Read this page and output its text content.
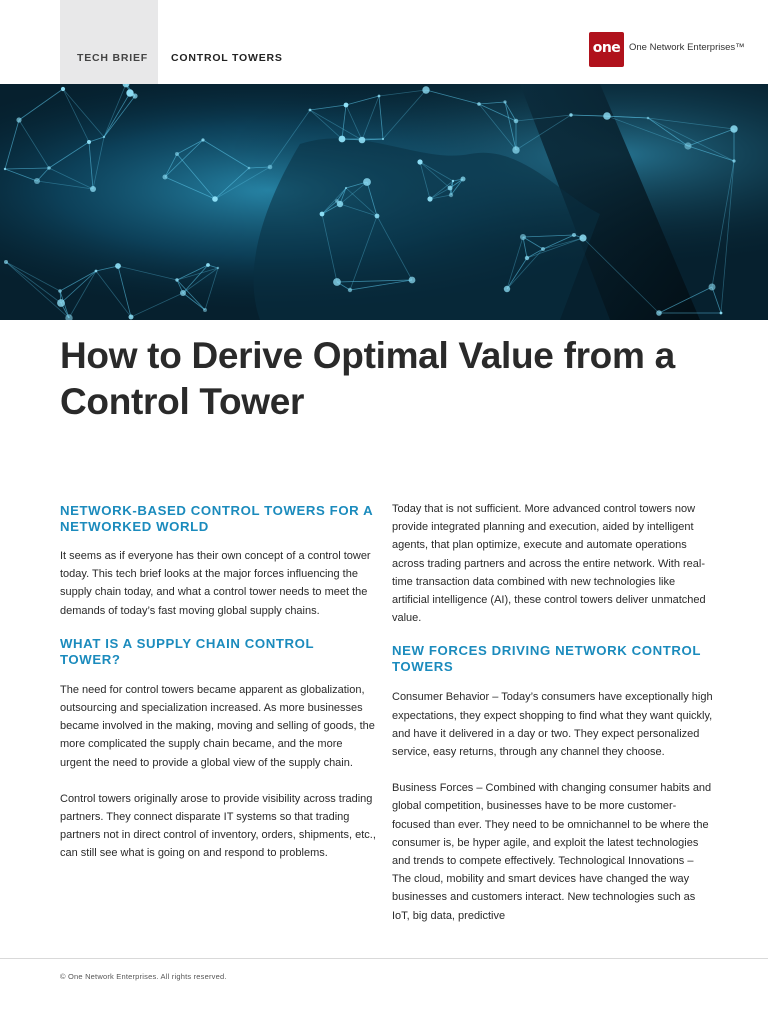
TECH BRIEF CONTROL TOWERS
one One Network Enterprises™
How to Derive Optimal Value from a Control Tower
NETWORK-BASED CONTROL TOWERS FOR A NETWORKED WORLD

It seems as if everyone has their own concept of a control tower today. This tech brief looks at the major forces influencing the supply chain today, and what a control tower needs to meet the demands of today’s fast moving global supply chains.

WHAT IS A SUPPLY CHAIN CONTROL TOWER?

The need for control towers became apparent as globalization, outsourcing and specialization increased. As more businesses became involved in the making, moving and selling of goods, the more complicated the supply chain became, and the more urgent the need to provide a global view of the supply chain.

Control towers originally arose to provide visibility across trading partners. They connect disparate IT systems so that trading partners not in direct control of inventory, orders, shipments, etc., can still see what is going on and respond to problems.

Today that is not sufficient. More advanced control towers now provide integrated planning and execution, aided by intelligent agents, that plan optimize, execute and automate operations across trading partners and across the entire network. With real-time transaction data combined with new technologies like artificial intelligence (AI), these control towers deliver unmatched value.

NEW FORCES DRIVING NETWORK CONTROL TOWERS

Consumer Behavior – Today’s consumers have exceptionally high expectations, they expect shopping to find what they want quickly, and have it delivered in a day or two. They expect personalized service, easy returns, through any channel they choose.

Business Forces – Combined with changing consumer habits and global competition, businesses have to be more customer-focused than ever. They need to be omnichannel to be where the consumer is, be hyper agile, and exploit the latest technologies and trends to compete effectively. Technological Innovations – The cloud, mobility and smart devices have changed the way businesses and customers interact. New technologies such as IoT, big data, predictive

© One Network Enterprises. All rights reserved.
